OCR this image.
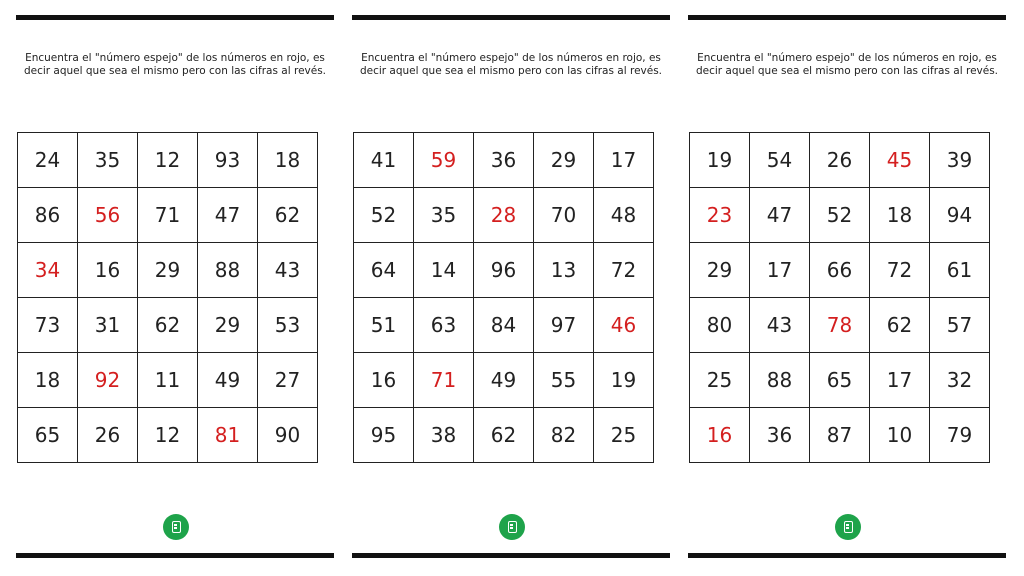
Encuentra el "número espejo" de los números en rojo, es decir aquel que sea el mismo pero con las cifras al revés.
24	35	12	93	18
86	56	71	47	62
34	16	29	88	43
73	31	62	29	53
18	92	11	49	27
65	26	12	81	90
Encuentra el "número espejo" de los números en rojo, es decir aquel que sea el mismo pero con las cifras al revés.
41	59	36	29	17
52	35	28	70	48
64	14	96	13	72
51	63	84	97	46
16	71	49	55	19
95	38	62	82	25
Encuentra el "número espejo" de los números en rojo, es decir aquel que sea el mismo pero con las cifras al revés.
19	54	26	45	39
23	47	52	18	94
29	17	66	72	61
80	43	78	62	57
25	88	65	17	32
16	36	87	10	79
